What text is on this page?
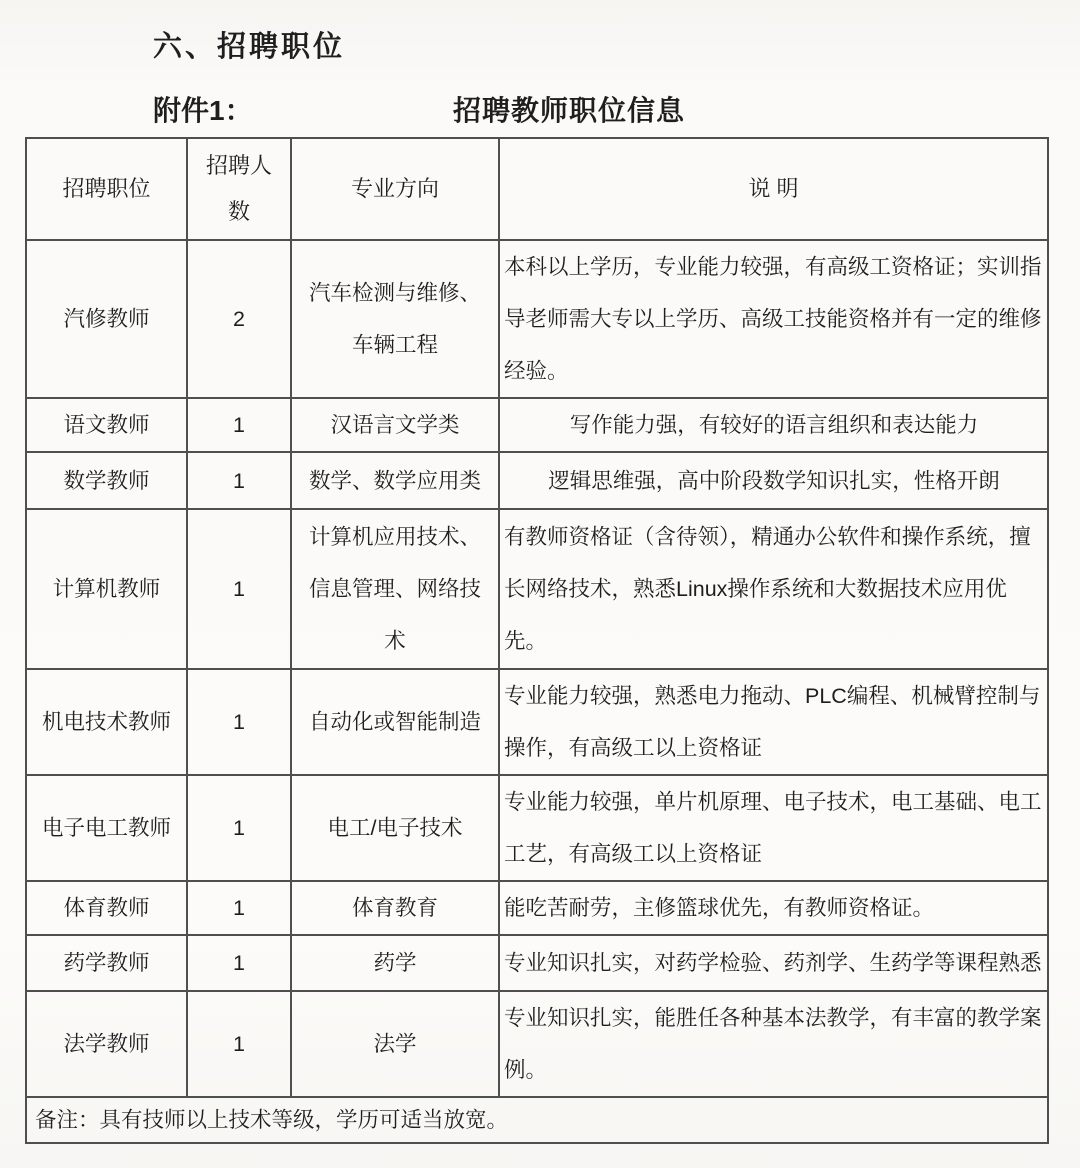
六、招聘职位
附件1：	招聘教师职位信息
招聘职位	招聘人数	专业方向	说 明
汽修教师	2	汽车检测与维修、车辆工程	本科以上学历，专业能力较强，有高级工资格证；实训指导老师需大专以上学历、高级工技能资格并有一定的维修经验。
语文教师	1	汉语言文学类	写作能力强，有较好的语言组织和表达能力
数学教师	1	数学、数学应用类	逻辑思维强，高中阶段数学知识扎实，性格开朗
计算机教师	1	计算机应用技术、信息管理、网络技术	有教师资格证（含待领），精通办公软件和操作系统，擅长网络技术，熟悉Linux操作系统和大数据技术应用优先。
机电技术教师	1	自动化或智能制造	专业能力较强，熟悉电力拖动、PLC编程、机械臂控制与操作，有高级工以上资格证
电子电工教师	1	电工/电子技术	专业能力较强，单片机原理、电子技术，电工基础、电工工艺，有高级工以上资格证
体育教师	1	体育教育	能吃苦耐劳，主修篮球优先，有教师资格证。
药学教师	1	药学	专业知识扎实，对药学检验、药剂学、生药学等课程熟悉
法学教师	1	法学	专业知识扎实，能胜任各种基本法教学，有丰富的教学案例。
备注：具有技师以上技术等级，学历可适当放宽。			
